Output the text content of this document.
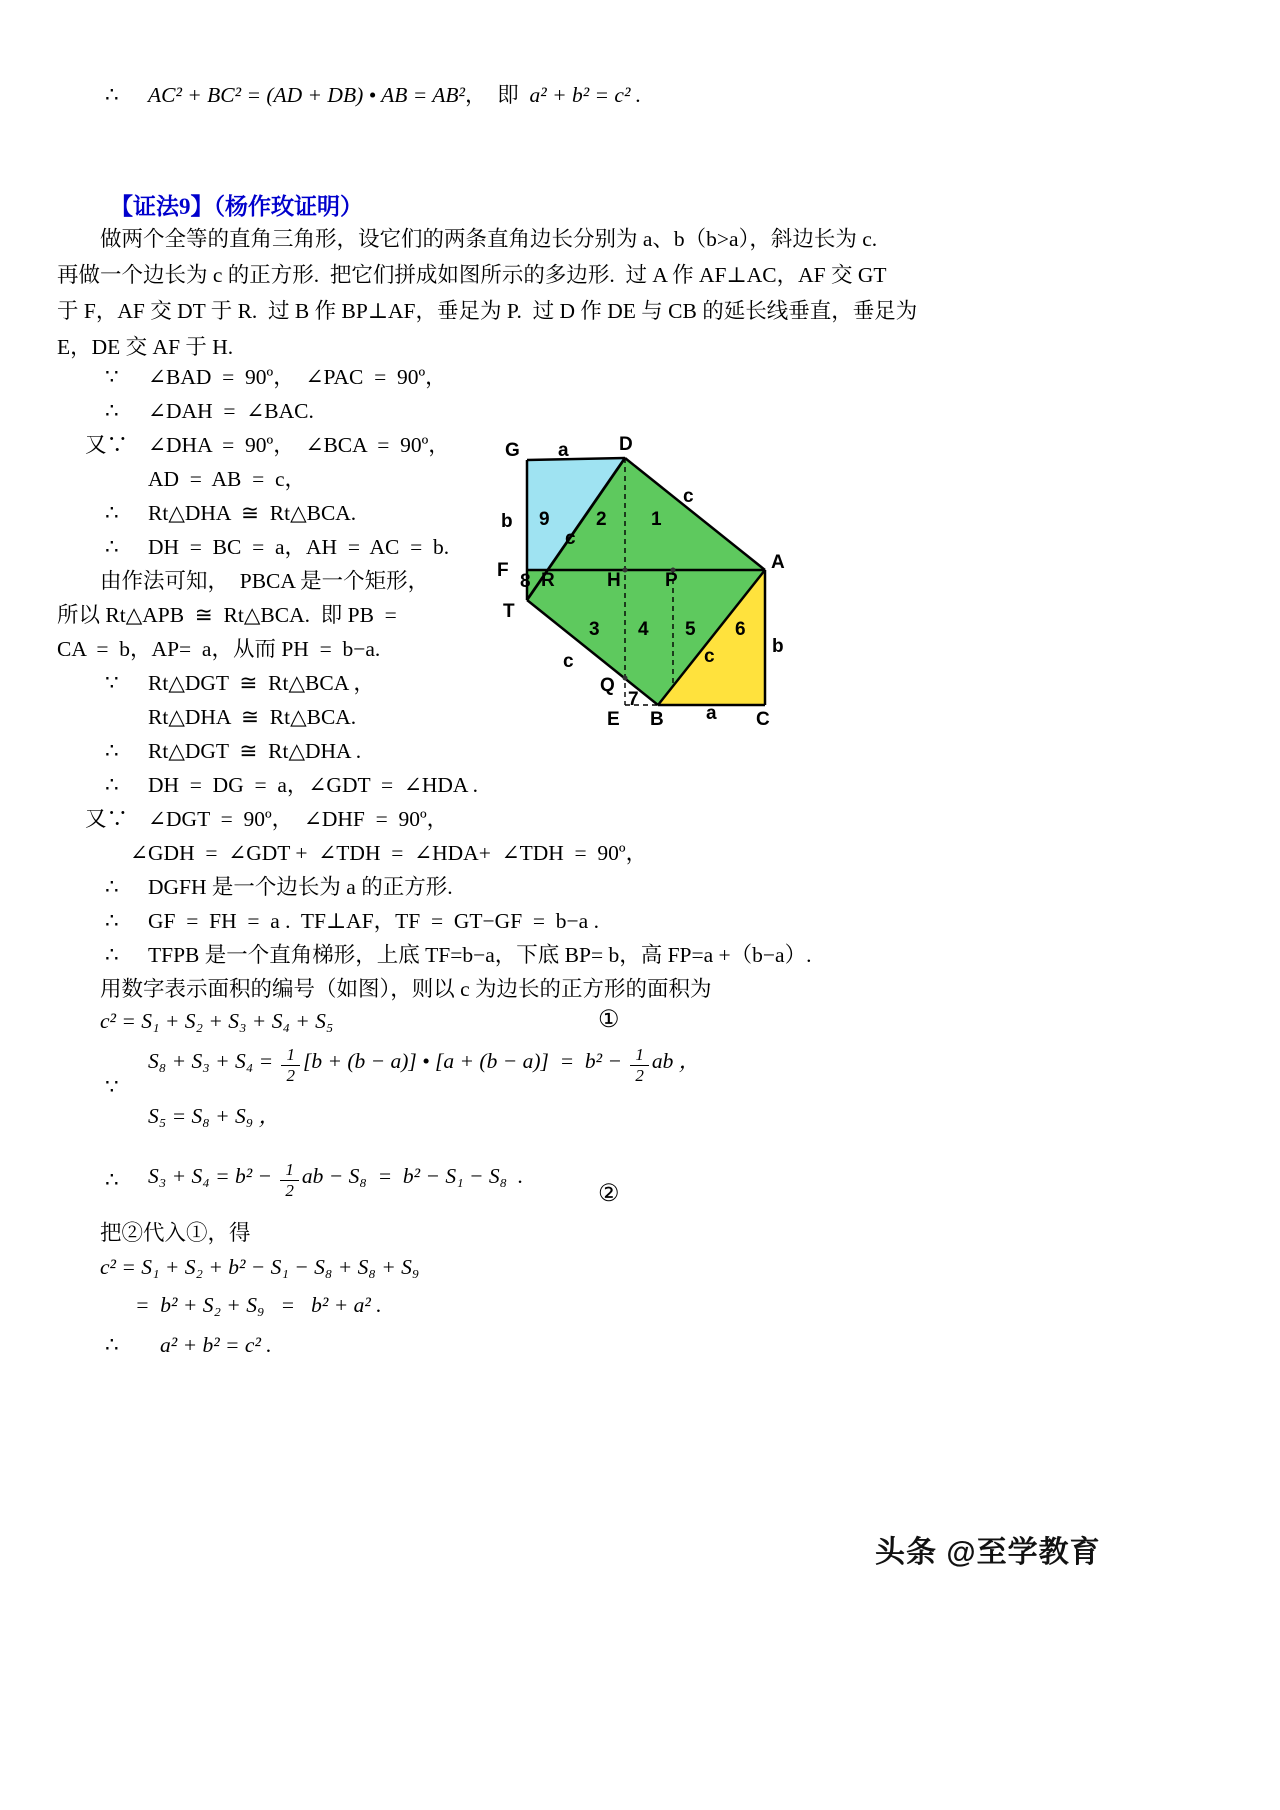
∴ AC² + BC² = (AD + DB) • AB = AB²，  即  a² + b² = c² .
【证法9】（杨作玫证明）
做两个全等的直角三角形，设它们的两条直角边长分别为 a、b（b>a），斜边长为 c.
再做一个边长为 c 的正方形.  把它们拼成如图所示的多边形.  过 A 作 AF⊥AC，AF 交 GT
于 F，AF 交 DT 于 R.  过 B 作 BP⊥AF，垂足为 P.  过 D 作 DE 与 CB 的延长线垂直，垂足为
E，DE 交 AF 于 H.
∵ ∠BAD  =  90º，  ∠PAC  =  90º，
∴ ∠DAH  =  ∠BAC.
又∵ ∠DHA  =  90º，  ∠BCA  =  90º，
AD  =  AB  =  c，
∴ Rt△DHA  ≅  Rt△BCA.
∴ DH  =  BC  =  a，AH  =  AC  =  b.
由作法可知，  PBCA 是一个矩形，
所以 Rt△APB  ≅  Rt△BCA.  即 PB  =
CA  =  b，AP=  a，从而 PH  =  b−a.
∵ Rt△DGT  ≅  Rt△BCA ，
Rt△DHA  ≅  Rt△BCA.
∴ Rt△DGT  ≅  Rt△DHA .
∴ DH  =  DG  =  a，∠GDT  =  ∠HDA .
又∵ ∠DGT  =  90º，  ∠DHF  =  90º，
∠GDH  =  ∠GDT +  ∠TDH  =  ∠HDA+  ∠TDH  =  90º，
∴ DGFH 是一个边长为 a 的正方形.
∴ GF  =  FH  =  a .  TF⊥AF，TF  =  GT−GF  =  b−a .
∴ TFPB 是一个直角梯形，上底 TF=b−a，下底 BP= b，高 FP=a +（b−a）.
用数字表示面积的编号（如图），则以 c 为边长的正方形的面积为
G	D
F R	H P
A
T
Q
E B	C
a
c
b
c
b
c	c
a
1
2
3 4 5 6
7
8
9
c² = S₁ + S₂ + S₃ + S₄ + S₅	①
∵
$S_8 + S_3 + S_4 = \frac{1}{2} [b + (b - a)]$ • $[a + (b - a)] = b^2 - \frac{1}{2}$ ab ，
S₅ = S₈ + S₉ ，
∴	$S_3 + S_4 = b^2 - \frac{1}{2}$ ab − S₈  =  b² − S₁ − S₈  .
②
把②代入①，得
c² = S₁ + S₂ + b² − S₁ − S₈ + S₈ + S₉
=  b² + S₂ + S₉   =   b² + a² .
∴ a² + b² = c² .
头条 @至学教育
